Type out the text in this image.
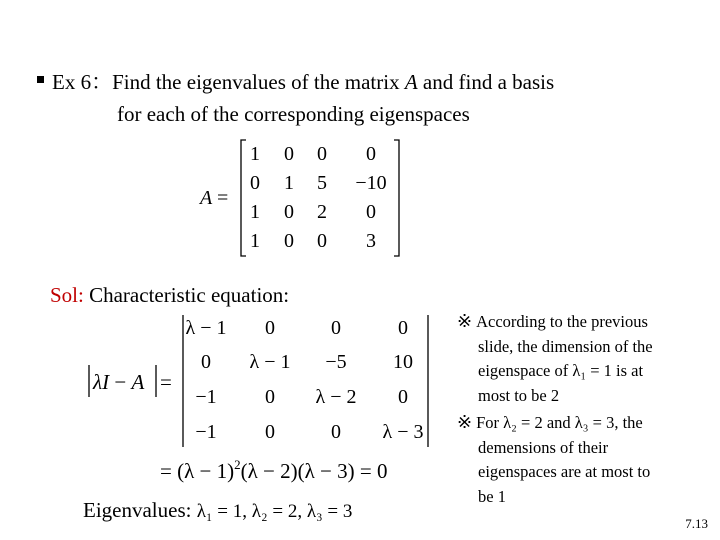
Ex 6：Find the eigenvalues of the matrix A and find a basis
for each of the corresponding eigenspaces
A =
1 0 0 0
0 1 5 −10
1 0 2 0
1 0 0 3
Sol: Characteristic equation:
λI − A =
λ − 1 0	0	0
0 λ − 1 −5 10
−1 0 λ − 2 0
−1 0	0 λ − 3
= $(\lambda - 1)^2(\lambda - 2)(\lambda - 3) = 0$
Eigenvalues: λ₁ = 1, λ₂ = 2, λ₃ = 3
※ According to the previous
slide, the dimension of the
eigenspace of λ₁ = 1 is at
most to be 2
※ For λ₂ = 2 and λ₃ = 3, the
demensions of their
eigenspaces are at most to
be 1
7.13
